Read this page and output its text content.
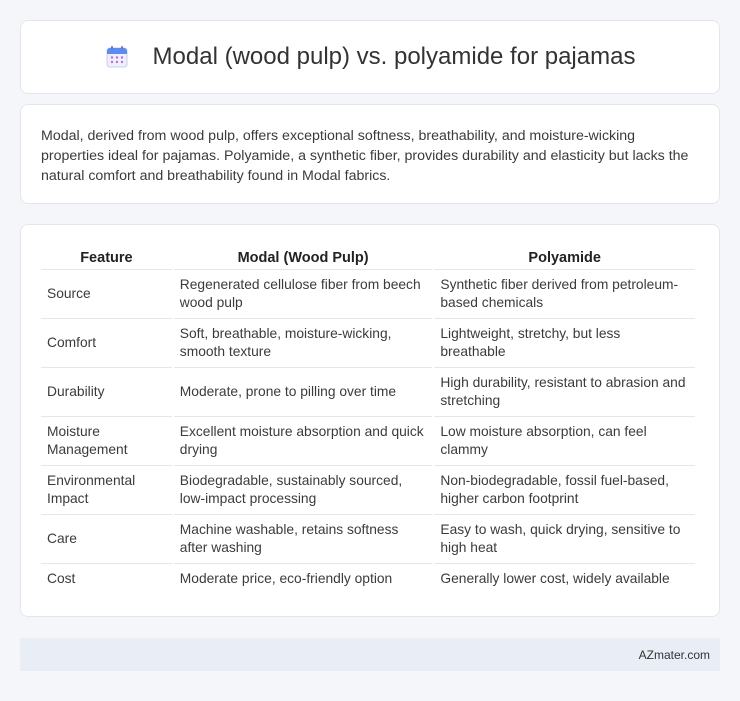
Modal (wood pulp) vs. polyamide for pajamas

Modal, derived from wood pulp, offers exceptional softness, breathability, and moisture-wicking properties ideal for pajamas. Polyamide, a synthetic fiber, provides durability and elasticity but lacks the natural comfort and breathability found in Modal fabrics.

Feature	Modal (Wood Pulp)	Polyamide
Source	Regenerated cellulose fiber from beech wood pulp	Synthetic fiber derived from petroleum-based chemicals
Comfort	Soft, breathable, moisture-wicking, smooth texture	Lightweight, stretchy, but less breathable
Durability	Moderate, prone to pilling over time	High durability, resistant to abrasion and stretching
Moisture Management	Excellent moisture absorption and quick drying	Low moisture absorption, can feel clammy
Environmental Impact	Biodegradable, sustainably sourced, low-impact processing	Non-biodegradable, fossil fuel-based, higher carbon footprint
Care	Machine washable, retains softness after washing	Easy to wash, quick drying, sensitive to high heat
Cost	Moderate price, eco-friendly option	Generally lower cost, widely available
AZmater.com
